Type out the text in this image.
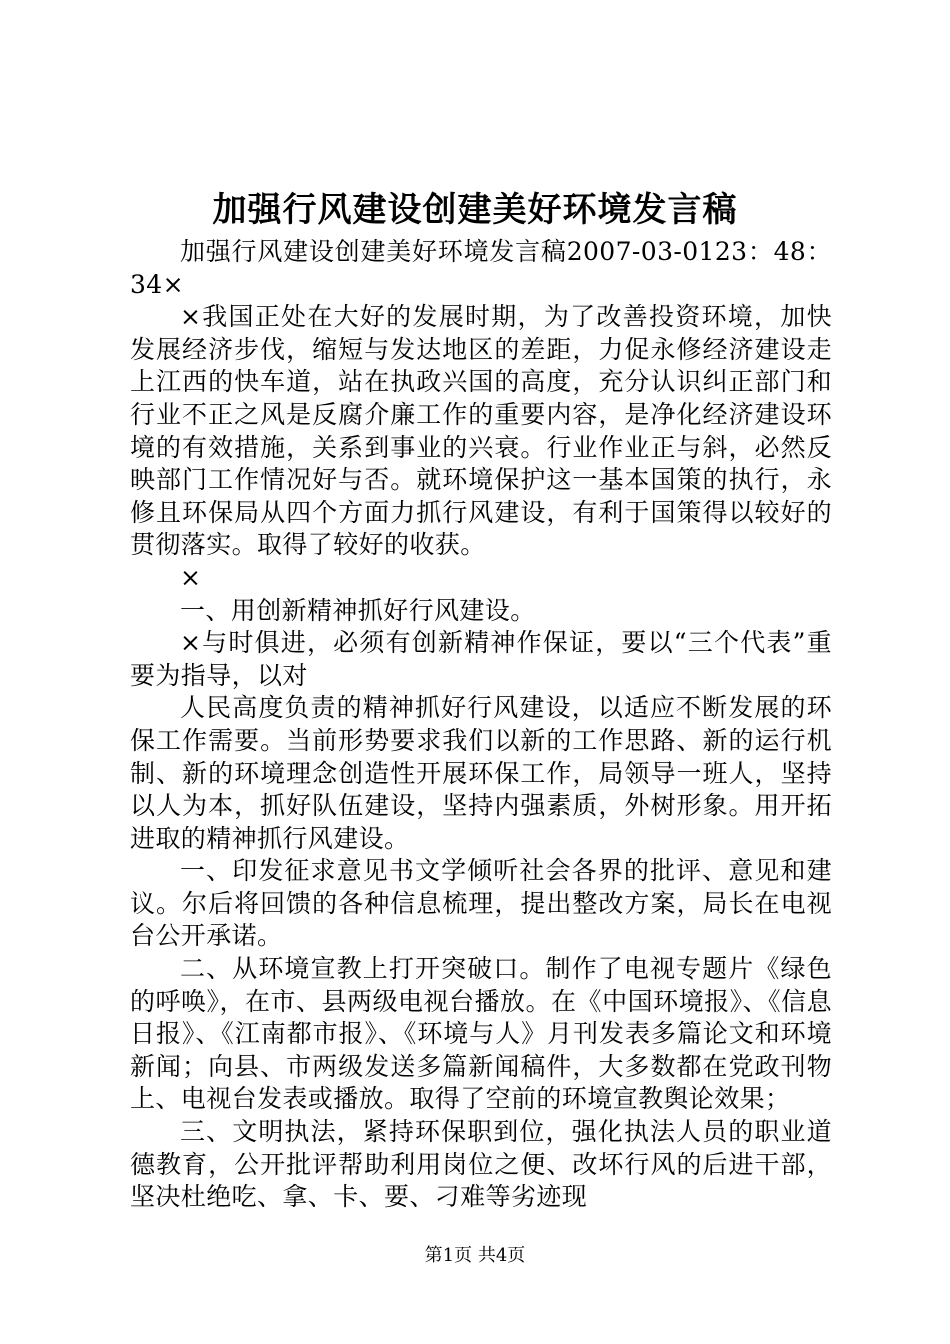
加强行风建设创建美好环境发言稿

加强行风建设创建美好环境发言稿2007-03-0123：48：34×

×我国正处在大好的发展时期，为了改善投资环境，加快发展经济步伐，缩短与发达地区的差距，力促永修经济建设走上江西的快车道，站在执政兴国的高度，充分认识纠正部门和行业不正之风是反腐介廉工作的重要内容，是净化经济建设环境的有效措施，关系到事业的兴衰。行业作业正与斜，必然反映部门工作情况好与否。就环境保护这一基本国策的执行，永修且环保局从四个方面力抓行风建设，有利于国策得以较好的贯彻落实。取得了较好的收获。

×

一、用创新精神抓好行风建设。

×与时俱进，必须有创新精神作保证，要以“三个代表”重要为指导，以对

人民高度负责的精神抓好行风建设，以适应不断发展的环保工作需要。当前形势要求我们以新的工作思路、新的运行机制、新的环境理念创造性开展环保工作，局领导一班人，坚持以人为本，抓好队伍建设，坚持内强素质，外树形象。用开拓进取的精神抓行风建设。

一、印发征求意见书文学倾听社会各界的批评、意见和建议。尔后将回馈的各种信息梳理，提出整改方案，局长在电视台公开承诺。

二、从环境宣教上打开突破口。制作了电视专题片《绿色的呼唤》，在市、县两级电视台播放。在《中国环境报》、《信息日报》、《江南都市报》、《环境与人》月刊发表多篇论文和环境新闻；向县、市两级发送多篇新闻稿件，大多数都在党政刊物上、电视台发表或播放。取得了空前的环境宣教舆论效果；

三、文明执法，紧持环保职到位，强化执法人员的职业道德教育，公开批评帮助利用岗位之便、改坏行风的后进干部，坚决杜绝吃、拿、卡、要、刁难等劣迹现

第1页 共4页
